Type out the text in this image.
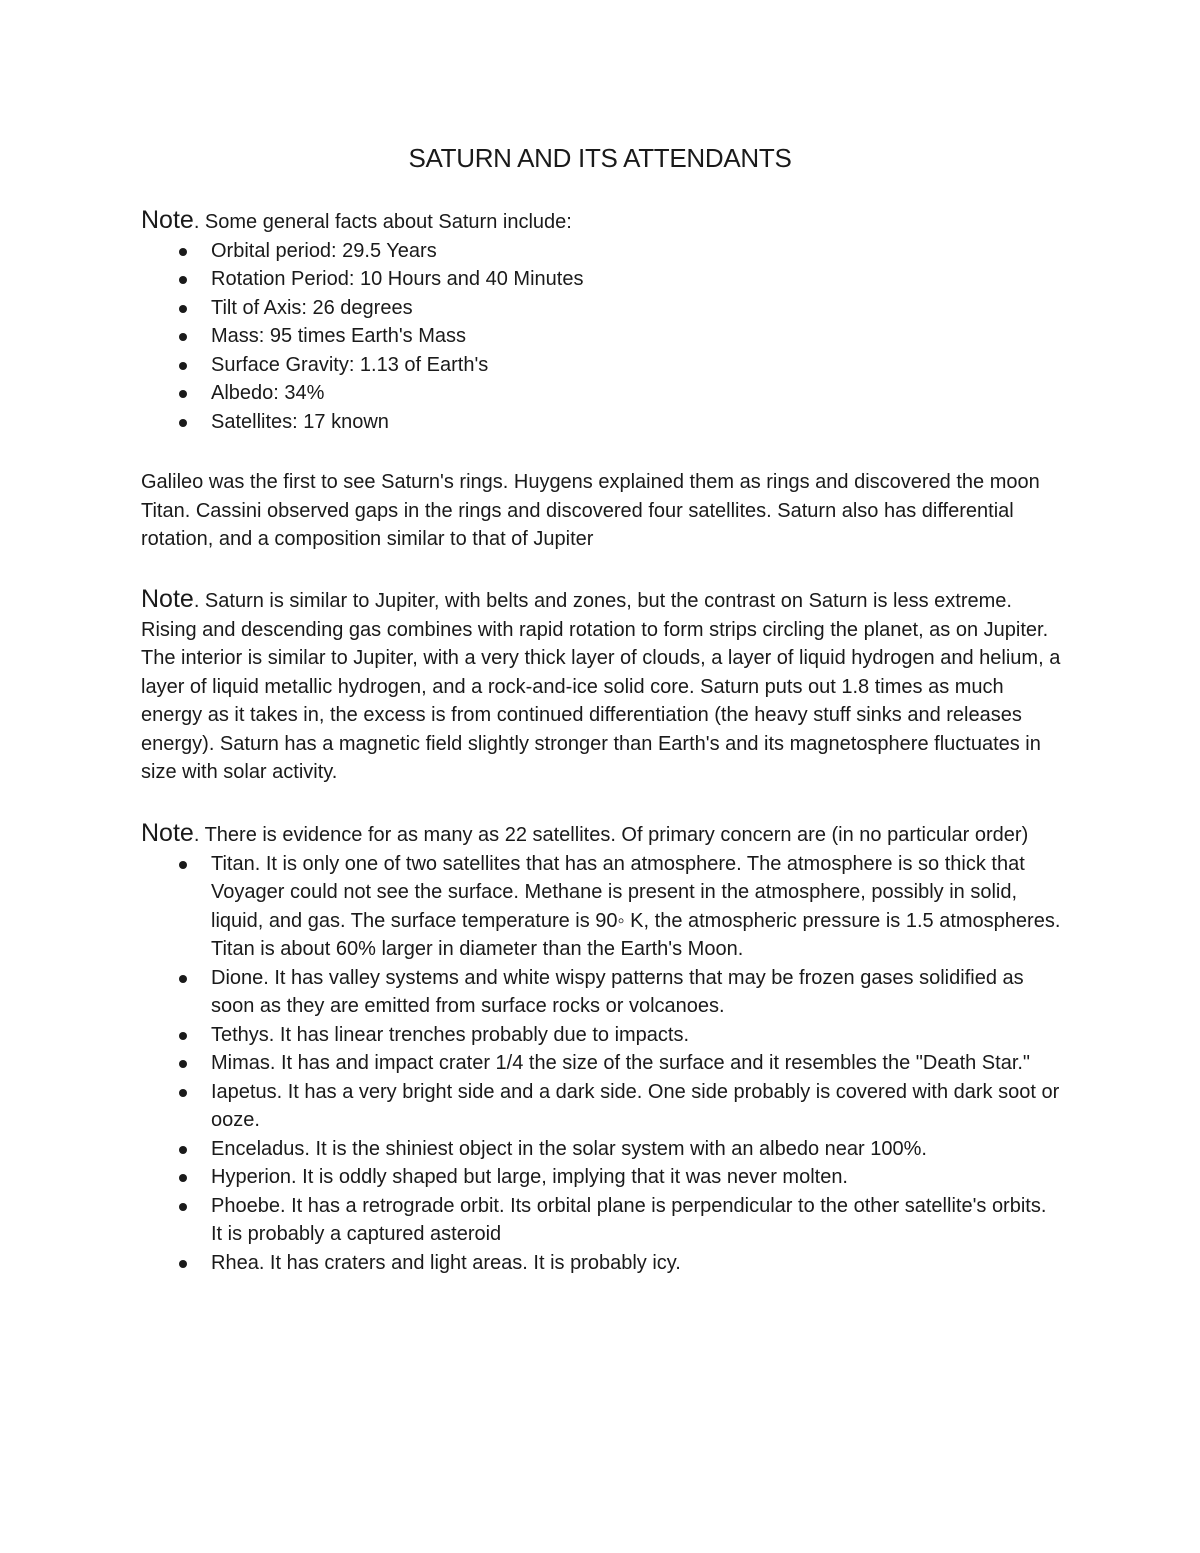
SATURN AND ITS ATTENDANTS

Note. Some general facts about Saturn include:

Orbital period: 29.5 Years
Rotation Period: 10 Hours and 40 Minutes
Tilt of Axis: 26 degrees
Mass: 95 times Earth's Mass
Surface Gravity: 1.13 of Earth's
Albedo: 34%
Satellites: 17 known

Galileo was the first to see Saturn's rings. Huygens explained them as rings and discovered the moon Titan. Cassini observed gaps in the rings and discovered four satellites. Saturn also has differential rotation, and a composition similar to that of Jupiter

Note. Saturn is similar to Jupiter, with belts and zones, but the contrast on Saturn is less extreme. Rising and descending gas combines with rapid rotation to form strips circling the planet, as on Jupiter. The interior is similar to Jupiter, with a very thick layer of clouds, a layer of liquid hydrogen and helium, a layer of liquid metallic hydrogen, and a rock-and-ice solid core. Saturn puts out 1.8 times as much energy as it takes in, the excess is from continued differentiation (the heavy stuff sinks and releases energy). Saturn has a magnetic field slightly stronger than Earth's and its magnetosphere fluctuates in size with solar activity.

Note. There is evidence for as many as 22 satellites. Of primary concern are (in no particular order)

Titan. It is only one of two satellites that has an atmosphere. The atmosphere is so thick that Voyager could not see the surface. Methane is present in the atmosphere, possibly in solid, liquid, and gas. The surface temperature is 90◦ K, the atmospheric pressure is 1.5 atmospheres. Titan is about 60% larger in diameter than the Earth's Moon.
Dione. It has valley systems and white wispy patterns that may be frozen gases solidified as soon as they are emitted from surface rocks or volcanoes.
Tethys. It has linear trenches probably due to impacts.
Mimas. It has and impact crater 1/4 the size of the surface and it resembles the "Death Star."
Iapetus. It has a very bright side and a dark side. One side probably is covered with dark soot or ooze.
Enceladus. It is the shiniest object in the solar system with an albedo near 100%.
Hyperion. It is oddly shaped but large, implying that it was never molten.
Phoebe. It has a retrograde orbit. Its orbital plane is perpendicular to the other satellite's orbits. It is probably a captured asteroid
Rhea. It has craters and light areas. It is probably icy.
